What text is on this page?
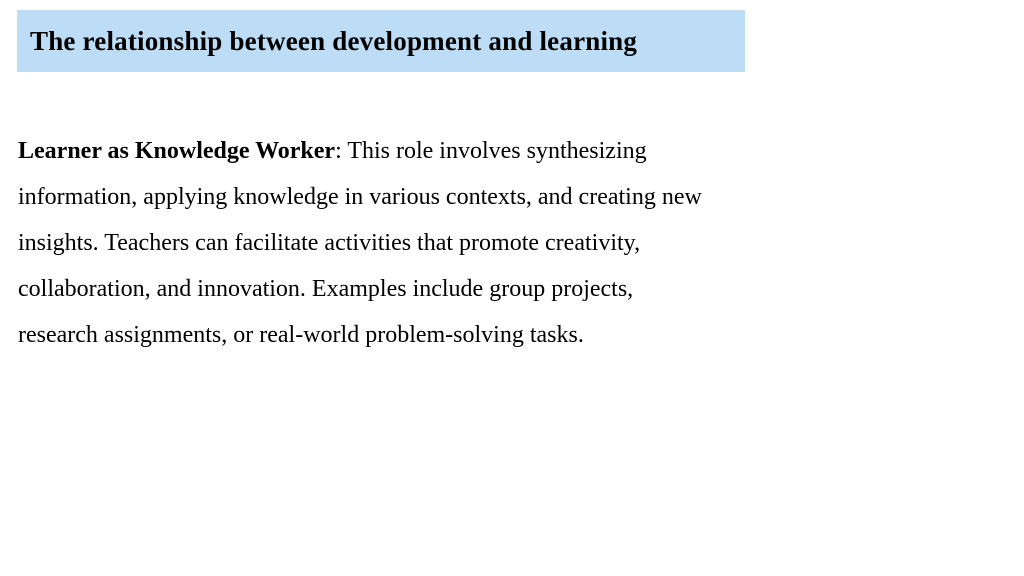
The relationship between development and learning
Learner as Knowledge Worker: This role involves synthesizing
information, applying knowledge in various contexts, and creating new
insights. Teachers can facilitate activities that promote creativity,
collaboration, and innovation. Examples include group projects,
research assignments, or real-world problem-solving tasks.
